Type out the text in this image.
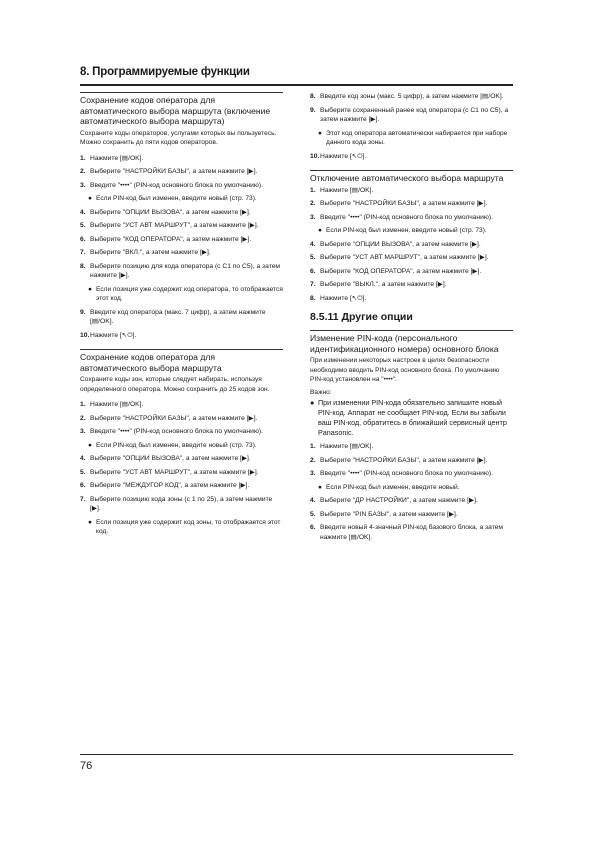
8. Программируемые функции
Сохранение кодов оператора для автоматического выбора маршрута (включение автоматического выбора маршрута)
Сохраните коды операторов, услугами которых вы пользуетесь. Можно сохранить до пяти кодов операторов.
1. Нажмите [▤/OK].
2. Выберите "НАСТРОЙКИ БАЗЫ", а затем нажмите [▶].
3. Введите "••••" (PIN-код основного блока по умолчанию).
● Если PIN-код был изменен, введите новый (стр. 73).
4. Выберите "ОПЦИИ ВЫЗОВА", а затем нажмите [▶].
5. Выберите "УСТ АВТ МАРШРУТ", а затем нажмите [▶].
6. Выберите "КОД ОПЕРАТОРА", а затем нажмите [▶].
7. Выберите "ВКЛ.", а затем нажмите [▶].
8. Выберите позицию для кода оператора (с C1 по C5), а затем нажмите [▶].
● Если позиция уже содержит код оператора, то отображается этот код.
9. Введите код оператора (макс. 7 цифр), а затем нажмите [▤/OK].
10. Нажмите [↖⏻].
Сохранение кодов оператора для автоматического выбора маршрута
Сохраните коды зон, которые следует набирать, используя определенного оператора. Можно сохранить до 25 кодов зон.
1. Нажмите [▤/OK].
2. Выберите "НАСТРОЙКИ БАЗЫ", а затем нажмите [▶].
3. Введите "••••" (PIN-код основного блока по умолчанию).
● Если PIN-код был изменен, введите новый (стр. 73).
4. Выберите "ОПЦИИ ВЫЗОВА", а затем нажмите [▶].
5. Выберите "УСТ АВТ МАРШРУТ", а затем нажмите [▶].
6. Выберите "МЕЖДУГОР КОД", а затем нажмите [▶].
7. Выберите позицию кода зоны (с 1 по 25), а затем нажмите [▶].
● Если позиция уже содержит код зоны, то отображается этот код.
8. Введите код зоны (макс. 5 цифр), а затем нажмите [▤/OK].
9. Выберите сохраненный ранее код оператора (с C1 по C5), а затем нажмите [▶].
● Этот код оператора автоматически набирается при наборе данного кода зоны.
10. Нажмите [↖⏻].
Отключение автоматического выбора маршрута
1. Нажмите [▤/OK].
2. Выберите "НАСТРОЙКИ БАЗЫ", а затем нажмите [▶].
3. Введите "••••" (PIN-код основного блока по умолчанию).
● Если PIN-код был изменен, введите новый (стр. 73).
4. Выберите "ОПЦИИ ВЫЗОВА", а затем нажмите [▶].
5. Выберите "УСТ АВТ МАРШРУТ", а затем нажмите [▶].
6. Выберите "КОД ОПЕРАТОРА", а затем нажмите [▶].
7. Выберите "ВЫКЛ.", а затем нажмите [▶].
8. Нажмите [↖⏻].
8.5.11 Другие опции
Изменение PIN-кода (персонального идентификационного номера) основного блока
При изменении некоторых настроек в целях безопасности необходимо вводить PIN-код основного блока. По умолчанию PIN-код установлен на "••••".
Важно:
● При изменении PIN-кода обязательно запишите новый PIN-код. Аппарат не сообщает PIN-код. Если вы забыли ваш PIN-код, обратитесь в ближайший сервисный центр Panasonic.
1. Нажмите [▤/OK].
2. Выберите "НАСТРОЙКИ БАЗЫ", а затем нажмите [▶].
3. Введите "••••" (PIN-код основного блока по умолчанию).
● Если PIN-код был изменен, введите новый.
4. Выберите "ДР НАСТРОЙКИ", а затем нажмите [▶].
5. Выберите "PIN БАЗЫ", а затем нажмите [▶].
6. Введите новый 4-значный PIN-код базового блока, а затем нажмите [▤/OK].
76
